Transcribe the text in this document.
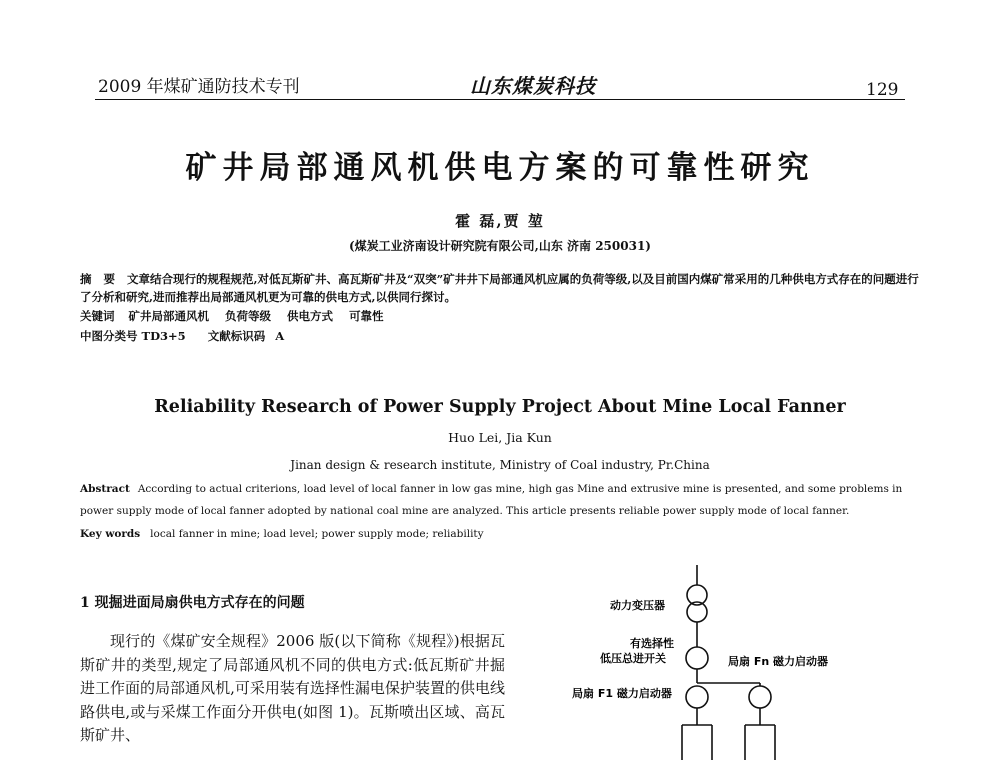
2009 年煤矿通防技术专刊	山东煤炭科技	129
矿井局部通风机供电方案的可靠性研究
霍 磊,贾 堃
(煤炭工业济南设计研究院有限公司,山东 济南 250031)
摘 要 文章结合现行的规程规范,对低瓦斯矿井、高瓦斯矿井及“双突”矿井井下局部通风机应属的负荷等级,以及目前国内煤矿常采用的几种供电方式存在的问题进行了分析和研究,进而推荐出局部通风机更为可靠的供电方式,以供同行探讨。
关键词 矿井局部通风机 负荷等级 供电方式 可靠性
中图分类号 TD3+5 文献标识码 A
Reliability Research of Power Supply Project About Mine Local Fanner
Huo Lei, Jia Kun
Jinan design & research institute, Ministry of Coal industry, Pr.China
Abstract According to actual criterions, load level of local fanner in low gas mine, high gas Mine and extrusive mine is presented, and some problems in power supply mode of local fanner adopted by national coal mine are analyzed. This article presents reliable power supply mode of local fanner.
Key words local fanner in mine; load level; power supply mode; reliability
1 现掘进面局扇供电方式存在的问题

现行的《煤矿安全规程》2006 版(以下简称《规程》)根据瓦斯矿井的类型,规定了局部通风机不同的供电方式:低瓦斯矿井掘进工作面的局部通风机,可采用装有选择性漏电保护装置的供电线路供电,或与采煤工作面分开供电(如图 1)。瓦斯喷出区域、高瓦斯矿井、

动力变压器
有选择性
低压总进开关	局扇 Fn 磁力启动器
局扇 F1 磁力启动器
